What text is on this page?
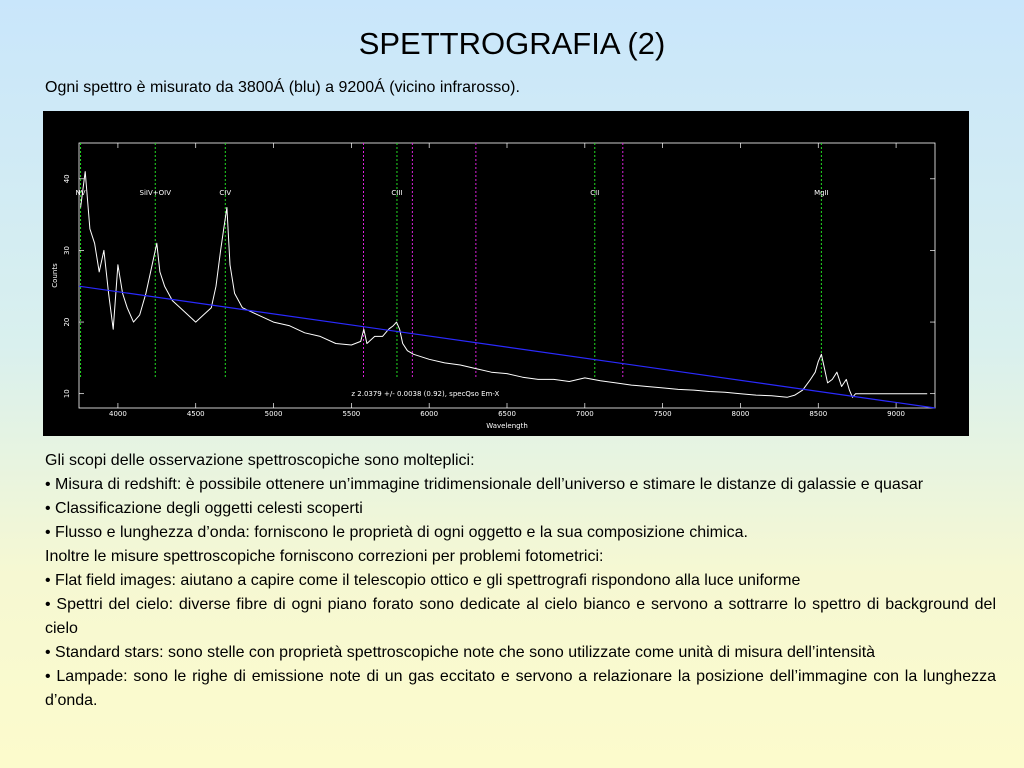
SPETTROGRAFIA (2)
Ogni spettro è misurato da 3800Á (blu) a 9200Á (vicino infrarosso).
4000	4500	5000	5500	6000	6500	7000	7500	8000	8500	9000
10
20
30
40
Wavelength
Counts
NV	SiIV+OIV	CIV	CIII	CII	MgII
z 2.0379 +/- 0.0038 (0.92), specQso Em-X

Gli scopi delle osservazione spettroscopiche sono molteplici:

• Misura di redshift: è possibile ottenere un’immagine tridimensionale dell’universo e stimare le distanze di galassie e quasar

• Classificazione degli oggetti celesti scoperti

• Flusso e lunghezza d’onda: forniscono le proprietà di ogni oggetto e la sua composizione chimica.

Inoltre le misure spettroscopiche forniscono correzioni per problemi fotometrici:

• Flat field images: aiutano a capire come il telescopio ottico e gli spettrografi rispondono alla luce uniforme

• Spettri del cielo: diverse fibre di ogni piano forato sono dedicate al cielo bianco e servono a sottrarre lo spettro di background del cielo

• Standard stars: sono stelle con proprietà spettroscopiche note che sono utilizzate come unità di misura dell’intensità

• Lampade: sono le righe di emissione note di un gas eccitato e servono a relazionare la posizione dell’immagine con la lunghezza d’onda.
